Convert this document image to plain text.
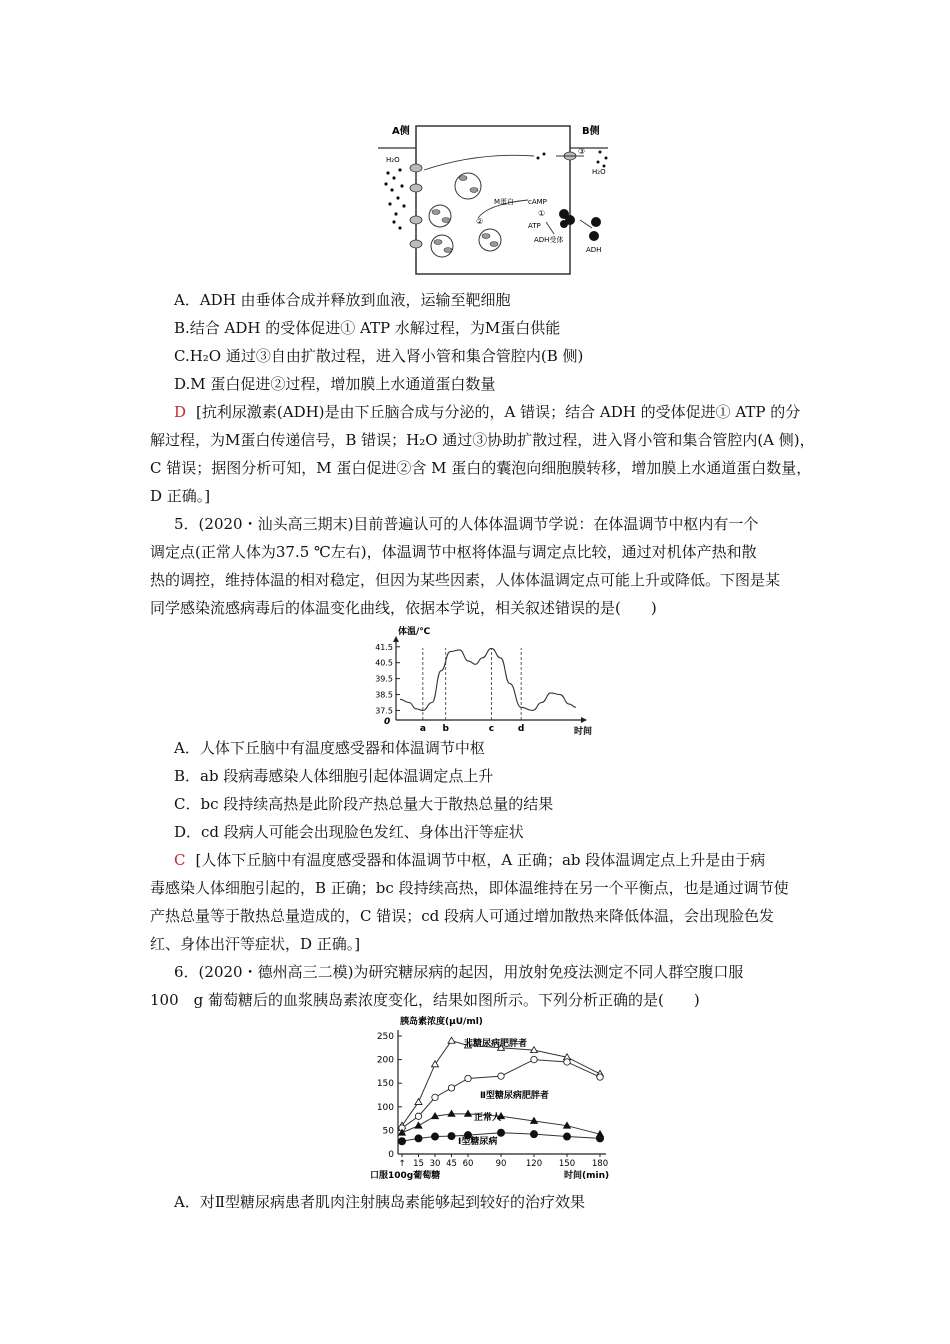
A侧	B侧
H₂O
H₂O
③
M蛋白 cAMP
②
①
ATP
ADH受体
ADH
A．ADH 由垂体合成并释放到血液，运输至靶细胞
B.结合 ADH 的受体促进① ATP 水解过程，为M蛋白供能
C.H₂O 通过③自由扩散过程，进入肾小管和集合管腔内(B 侧)
D.M 蛋白促进②过程，增加膜上水通道蛋白数量
D [抗利尿激素(ADH)是由下丘脑合成与分泌的，A 错误；结合 ADH 的受体促进① ATP 的分
解过程，为M蛋白传递信号，B 错误；H₂O 通过③协助扩散过程，进入肾小管和集合管腔内(A 侧)，
C 错误；据图分析可知，M 蛋白促进②含 M 蛋白的囊泡向细胞膜转移，增加膜上水通道蛋白数量，
D 正确。]
5．(2020・汕头高三期末)目前普遍认可的人体体温调节学说：在体温调节中枢内有一个
调定点(正常人体为37.5 ℃左右)，体温调节中枢将体温与调定点比较，通过对机体产热和散
热的调控，维持体温的相对稳定，但因为某些因素，人体体温调定点可能上升或降低。下图是某
同学感染流感病毒后的体温变化曲线，依据本学说，相关叙述错误的是(　　)
体温/℃
0
时间
41.5
40.5
39.5
38.5
37.5
a b	c	d
A．人体下丘脑中有温度感受器和体温调节中枢
B．ab 段病毒感染人体细胞引起体温调定点上升
C．bc 段持续高热是此阶段产热总量大于散热总量的结果
D．cd 段病人可能会出现脸色发红、身体出汗等症状
C [人体下丘脑中有温度感受器和体温调节中枢，A 正确；ab 段体温调定点上升是由于病
毒感染人体细胞引起的，B 正确；bc 段持续高热，即体温维持在另一个平衡点，也是通过调节使
产热总量等于散热总量造成的，C 错误；cd 段病人可通过增加散热来降低体温，会出现脸色发
红、身体出汗等症状，D 正确。]
6．(2020・德州高三二模)为研究糖尿病的起因，用放射免疫法测定不同人群空腹口服
100　g 葡萄糖后的血浆胰岛素浓度变化，结果如图所示。下列分析正确的是(　　)
胰岛素浓度(μU/ml)
口服100g葡萄糖	时间(min)
0
50
100
150
200
250
↑ 15 30 45 60	90 120 150 180
非糖尿病肥胖者
Ⅱ型糖尿病肥胖者
正常人
Ⅰ型糖尿病
A．对Ⅱ型糖尿病患者肌肉注射胰岛素能够起到较好的治疗效果
